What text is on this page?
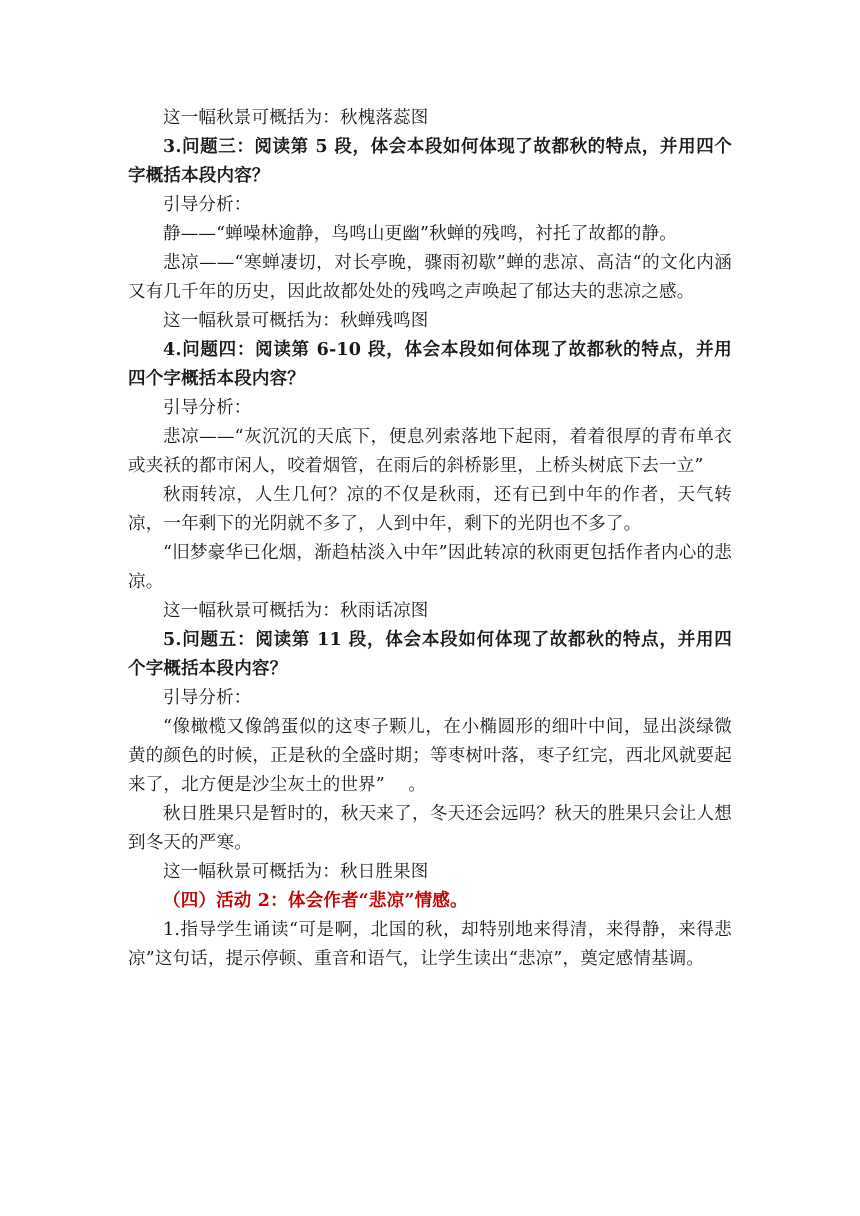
这一幅秋景可概括为：秋槐落蕊图

3.问题三：阅读第 5 段，体会本段如何体现了故都秋的特点，并用四个字概括本段内容？

引导分析：

静——“蝉噪林逾静，鸟鸣山更幽”秋蝉的残鸣，衬托了故都的静。

悲凉——“寒蝉凄切，对长亭晚，骤雨初歇”蝉的悲凉、高洁“的文化内涵又有几千年的历史，因此故都处处的残鸣之声唤起了郁达夫的悲凉之感。

这一幅秋景可概括为：秋蝉残鸣图

4.问题四：阅读第 6-10 段，体会本段如何体现了故都秋的特点，并用四个字概括本段内容？

引导分析：

悲凉——“灰沉沉的天底下，便息列索落地下起雨，着着很厚的青布单衣或夹袄的都市闲人，咬着烟管，在雨后的斜桥影里，上桥头树底下去一立”

秋雨转凉，人生几何？凉的不仅是秋雨，还有已到中年的作者，天气转凉，一年剩下的光阴就不多了，人到中年，剩下的光阴也不多了。

“旧梦豪华已化烟，渐趋枯淡入中年”因此转凉的秋雨更包括作者内心的悲凉。

这一幅秋景可概括为：秋雨话凉图

5.问题五：阅读第 11 段，体会本段如何体现了故都秋的特点，并用四个字概括本段内容？

引导分析：

“像橄榄又像鸽蛋似的这枣子颗儿，在小椭圆形的细叶中间，显出淡绿微黄的颜色的时候，正是秋的全盛时期；等枣树叶落，枣子红完，西北风就要起来了，北方便是沙尘灰土的世界”　 。

秋日胜果只是暂时的，秋天来了，冬天还会远吗？秋天的胜果只会让人想到冬天的严寒。

这一幅秋景可概括为：秋日胜果图

（四）活动 2：体会作者“悲凉”情感。

1.指导学生诵读“可是啊，北国的秋，却特别地来得清，来得静，来得悲凉”这句话，提示停顿、重音和语气，让学生读出“悲凉”，奠定感情基调。
